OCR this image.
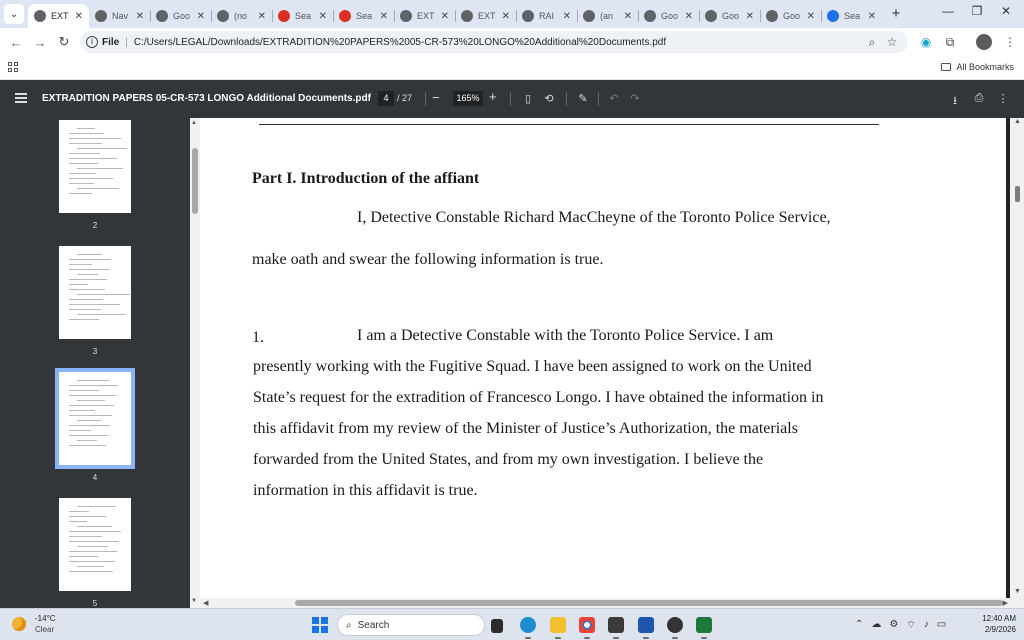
⌄	EXT ✕	Nav ✕	Goo ✕	(no	✕	Sea ✕	Sea ✕	EXT ✕	EXT ✕	RAI ✕	(an	✕	Goo ✕	Goo ✕	Goo ✕	Sea ✕	+	—	❐	✕
← → ↻	i File | C:/Users/LEGAL/Downloads/EXTRADITION%20PAPERS%2005-CR-573%20LONGO%20Additional%20Documents.pdf	⌕ ☆ ◉	⧉	⋮
All Bookmarks
EXTRADITION PAPERS 05-CR-573 LONGO Additional Documents.pdf	4 / 27 −	165% +	▯	⟲ ✎ ↶ ↷	⭳	⎙ ⋮
2
3
4
5
▲
▼
Part I. Introduction of the affiant
I, Detective Constable Richard MacCheyne of the Toronto Police Service,
make oath and swear the following information is true.
1.	I am a Detective Constable with the Toronto Police Service. I am
presently working with the Fugitive Squad. I have been assigned to work on the United
State’s request for the extradition of Francesco Longo. I have obtained the information in
this affidavit from my review of the Minister of Justice’s Authorization, the materials
forwarded from the United States, and from my own investigation. I believe the
information in this affidavit is true.
▲
▼
◀	▶
-14°C
Clear	⌕ Search	⌃ ☁ ⚙ ⌔ ♪ ▭
12:40 AM
2/9/2026
